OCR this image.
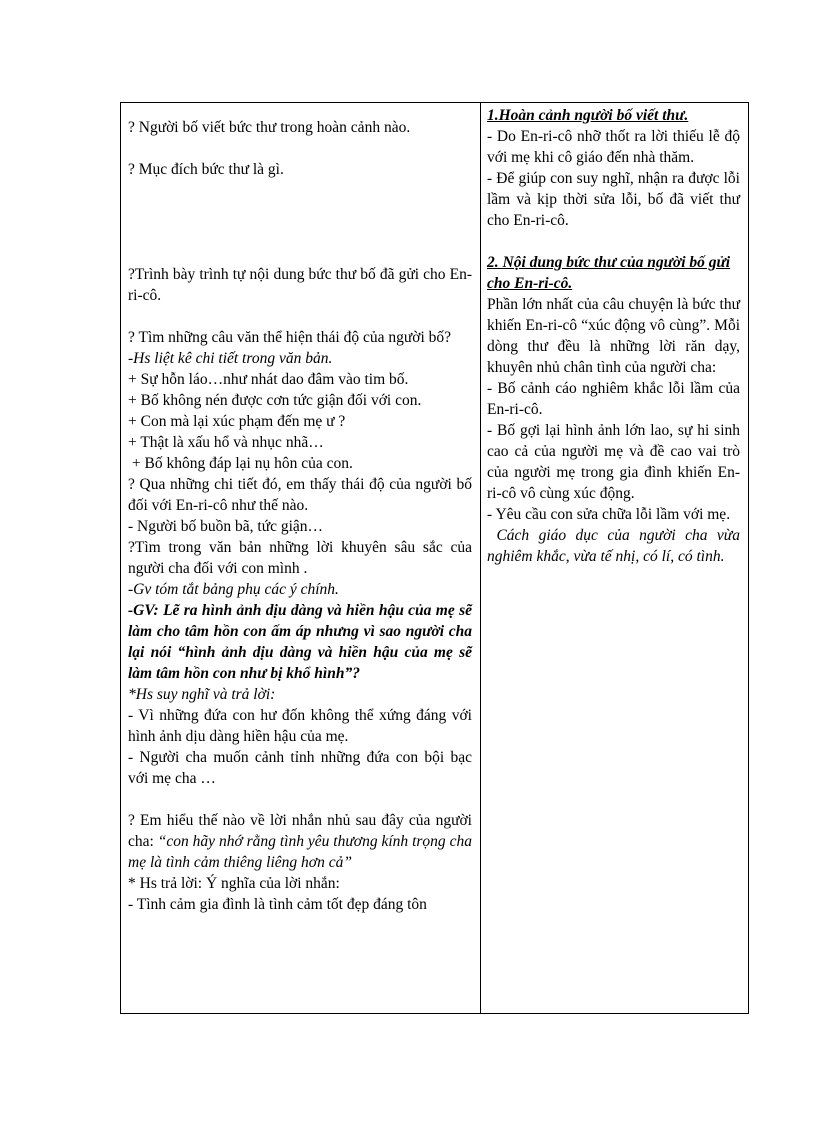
? Người bố viết bức thư trong hoàn cảnh nào.

? Mục đích bức thư là gì.

?Trình bày trình tự nội dung bức thư bố đã gửi cho En-ri-cô.

? Tìm những câu văn thể hiện thái độ của người bố?

-Hs liệt kê chi tiết trong văn bản.

+ Sự hỗn láo…như nhát dao đâm vào tim bố.

+ Bố không nén được cơn tức giận đối với con.

+ Con mà lại xúc phạm đến mẹ ư ?

+ Thật là xấu hổ và nhục nhã…

+ Bố không đáp lại nụ hôn của con.

? Qua những chi tiết đó, em thấy thái độ của người bố đối với En-ri-cô như thế nào.

- Người bố buồn bã, tức giận…

?Tìm trong văn bản những lời khuyên sâu sắc của người cha đối với con mình .

-Gv tóm tắt bảng phụ các ý chính.

-GV: Lẽ ra hình ảnh dịu dàng và hiền hậu của mẹ sẽ làm cho tâm hồn con ấm áp nhưng vì sao người cha lại nói “hình ảnh dịu dàng và hiền hậu của mẹ sẽ làm tâm hồn con như bị khổ hình”?

*Hs suy nghĩ và trả lời:

- Vì những đứa con hư đốn không thể xứng đáng với hình ảnh dịu dàng hiền hậu của mẹ.

- Người cha muốn cảnh tỉnh những đứa con bội bạc với mẹ cha …

? Em hiểu thế nào về lời nhắn nhủ sau đây của người cha: “con hãy nhớ rằng tình yêu thương kính trọng cha mẹ là tình cảm thiêng liêng hơn cả”

* Hs trả lời: Ý nghĩa của lời nhắn:

- Tình cảm gia đình là tình cảm tốt đẹp đáng tôn

1.Hoàn cảnh người bố viết thư.

- Do En-ri-cô nhỡ thốt ra lời thiếu lễ độ với mẹ khi cô giáo đến nhà thăm.

- Để giúp con suy nghĩ, nhận ra được lỗi lầm và kịp thời sửa lỗi, bố đã viết thư cho En-ri-cô.

2. Nội dung bức thư của người bố gửi cho En-ri-cô.

Phần lớn nhất của câu chuyện là bức thư khiến En-ri-cô “xúc động vô cùng”. Mỗi dòng thư đều là những lời răn dạy, khuyên nhủ chân tình của người cha:

- Bố cảnh cáo nghiêm khắc lỗi lầm của En-ri-cô.

- Bố gợi lại hình ảnh lớn lao, sự hi sinh cao cả của người mẹ và đề cao vai trò của người mẹ trong gia đình khiến En-ri-cô vô cùng xúc động.

- Yêu cầu con sửa chữa lỗi lầm với mẹ.

Cách giáo dục của người cha vừa nghiêm khắc, vừa tế nhị, có lí, có tình.
